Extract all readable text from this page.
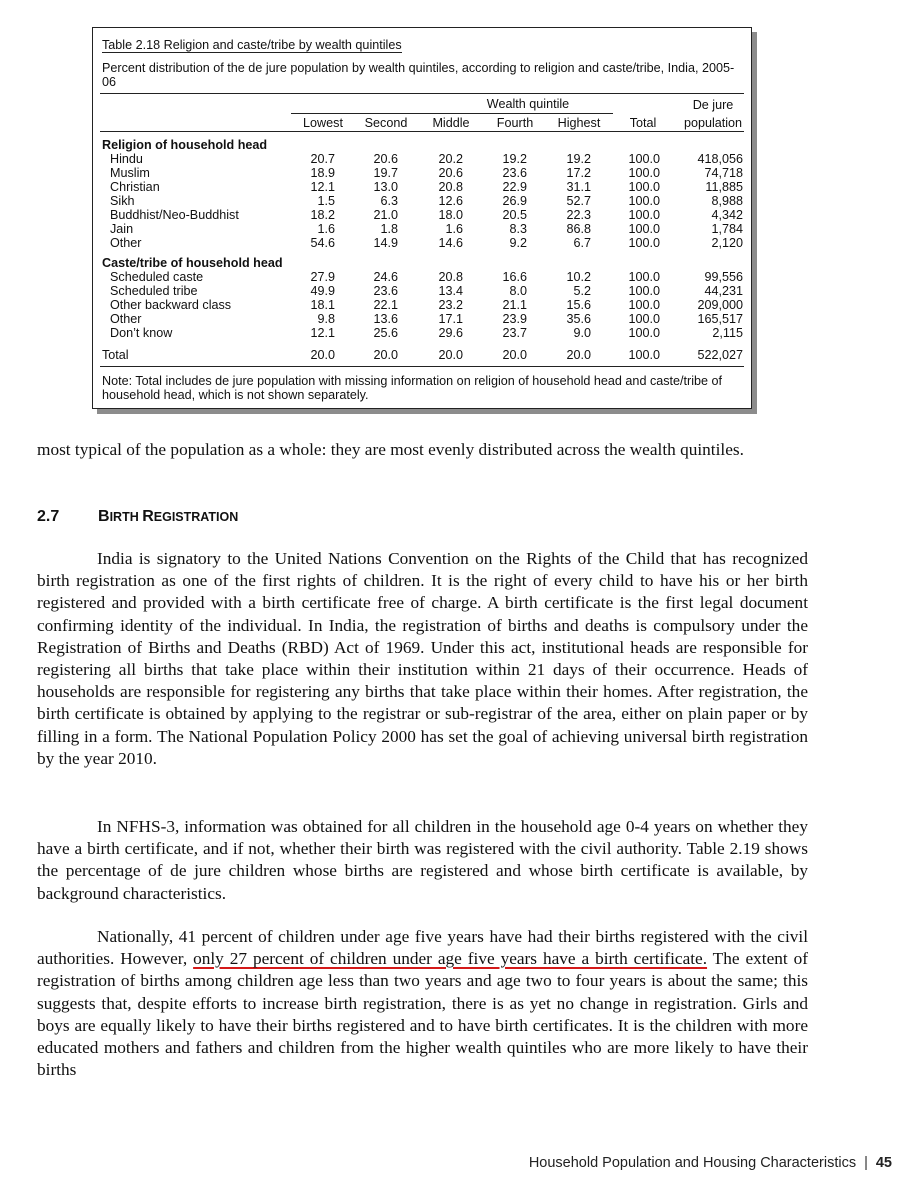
Table 2.18 Religion and caste/tribe by wealth quintiles
Percent distribution of the de jure population by wealth quintiles, according to religion and caste/tribe, India, 2005-06
Wealth quintile
Lowest	Second	Middle	Fourth	Highest	Total
De jure
population
Religion of household head
Hindu	20.7	20.6	20.2	19.2	19.2	100.0	418,056
Muslim	18.9	19.7	20.6	23.6	17.2	100.0	74,718
Christian	12.1	13.0	20.8	22.9	31.1	100.0	11,885
Sikh	1.5	6.3	12.6	26.9	52.7	100.0	8,988
Buddhist/Neo-Buddhist	18.2	21.0	18.0	20.5	22.3	100.0	4,342
Jain	1.6	1.8	1.6	8.3	86.8	100.0	1,784
Other	54.6	14.9	14.6	9.2	6.7	100.0	2,120
Caste/tribe of household head
Scheduled caste	27.9	24.6	20.8	16.6	10.2	100.0	99,556
Scheduled tribe	49.9	23.6	13.4	8.0	5.2	100.0	44,231
Other backward class	18.1	22.1	23.2	21.1	15.6	100.0	209,000
Other	9.8	13.6	17.1	23.9	35.6	100.0	165,517
Don’t know	12.1	25.6	29.6	23.7	9.0	100.0	2,115
Total	20.0	20.0	20.0	20.0	20.0	100.0	522,027
Note: Total includes de jure population with missing information on religion of household head and caste/tribe of household head, which is not shown separately.

most typical of the population as a whole: they are most evenly distributed across the wealth quintiles.

2.7 BIRTH REGISTRATION

India is signatory to the United Nations Convention on the Rights of the Child that has recognized birth registration as one of the first rights of children. It is the right of every child to have his or her birth registered and provided with a birth certificate free of charge. A birth certificate is the first legal document confirming identity of the individual. In India, the registration of births and deaths is compulsory under the Registration of Births and Deaths (RBD) Act of 1969. Under this act, institutional heads are responsible for registering all births that take place within their institution within 21 days of their occurrence. Heads of households are responsible for registering any births that take place within their homes. After registration, the birth certificate is obtained by applying to the registrar or sub-registrar of the area, either on plain paper or by filling in a form. The National Population Policy 2000 has set the goal of achieving universal birth registration by the year 2010.

In NFHS-3, information was obtained for all children in the household age 0-4 years on whether they have a birth certificate, and if not, whether their birth was registered with the civil authority. Table 2.19 shows the percentage of de jure children whose births are registered and whose birth certificate is available, by background characteristics.

Nationally, 41 percent of children under age five years have had their births registered with the civil authorities. However, only 27 percent of children under age five years have a birth certificate. The extent of registration of births among children age less than two years and age two to four years is about the same; this suggests that, despite efforts to increase birth registration, there is as yet no change in registration. Girls and boys are equally likely to have their births registered and to have birth certificates. It is the children with more educated mothers and fathers and children from the higher wealth quintiles who are more likely to have their births

Household Population and Housing Characteristics | 45
